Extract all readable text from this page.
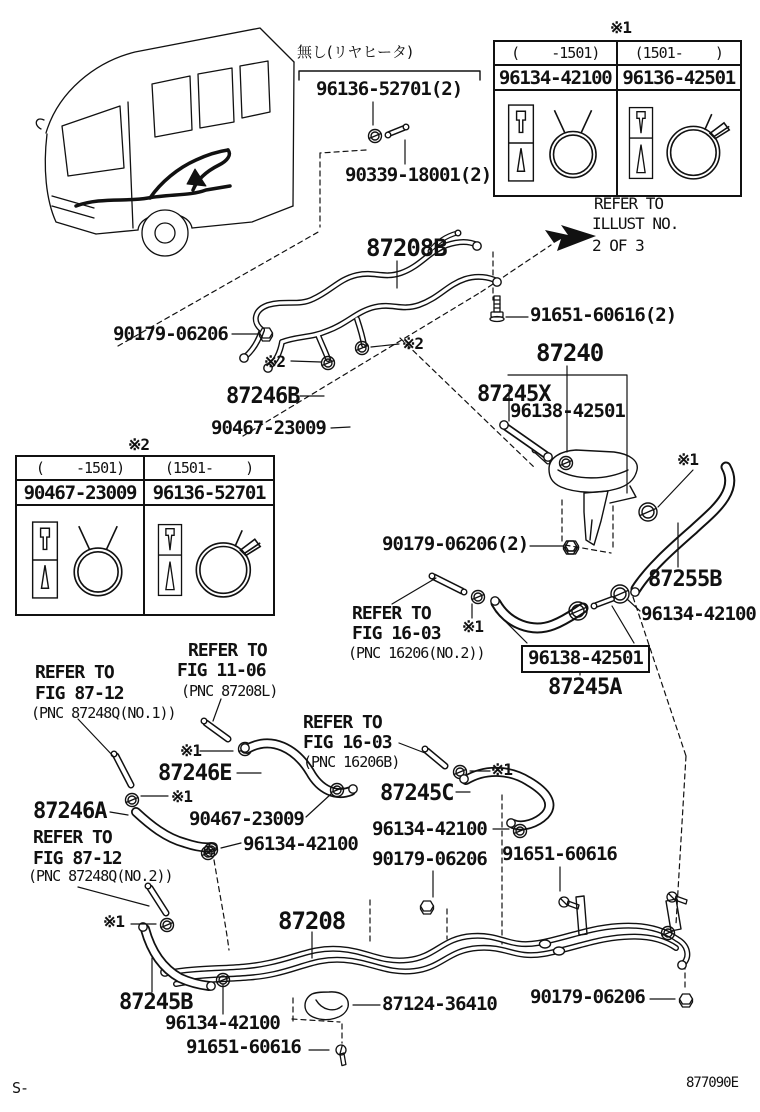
(    -1501)	(1501-    )
96134-42100 96136-42501
(    -1501)	(1501-    )
90467-23009 96136-52701
無し(リヤヒータ)
96136-52701(2)
90339-18001(2)
87208B
91651-60616(2)
90179-06206	※2
※2
87246B
90467-23009
87240
87245X
96138-42501
※1
90179-06206(2)
87255B
96134-42100
REFER TO
FIG 16-03
(PNC 16206(NO.2))
※1
96138-42501
87245A
REFER TO
FIG 87-12
(PNC 87248Q(NO.1))
REFER TO
FIG 11-06
(PNC 87208L)
※1
87246E
REFER TO
FIG 16-03
(PNC 16206B)	※1
87245C
87246A
※1
90467-23009	96134-42100
96134-42100
REFER TO
FIG 87-12
(PNC 87248Q(NO.2))
90179-06206 91651-60616
※1	87208
87245B
96134-42100
87124-36410 90179-06206
91651-60616
REFER TO
ILLUST NO.
2 OF 3
※1
※2
S-	877090E
